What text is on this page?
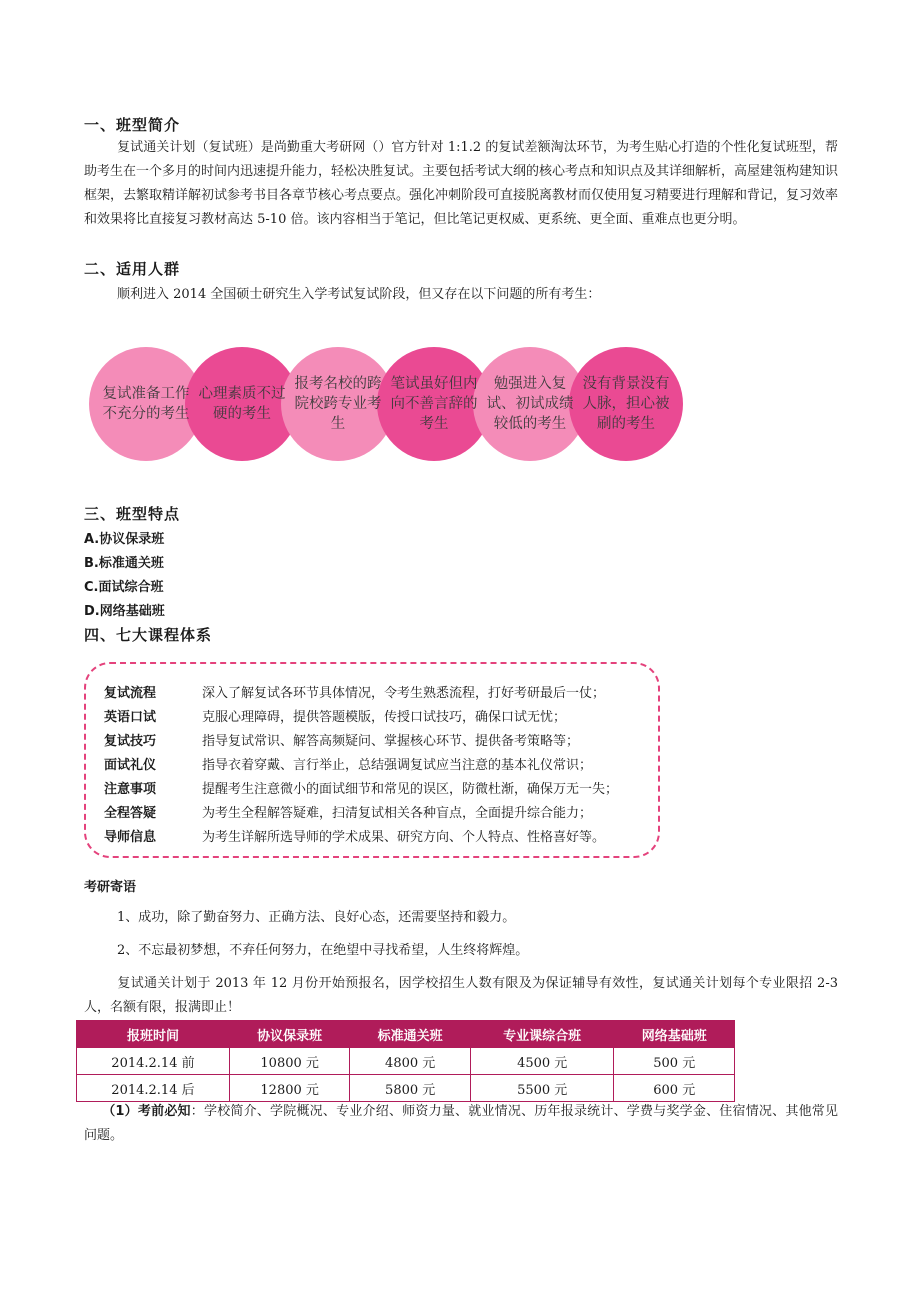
一、班型简介
复试通关计划（复试班）是尚勤重大考研网（）官方针对 1:1.2 的复试差额淘汰环节，为考生贴心打造的个性化复试班型，帮助考生在一个多月的时间内迅速提升能力，轻松决胜复试。主要包括考试大纲的核心考点和知识点及其详细解析，高屋建瓴构建知识框架，去繁取精详解初试参考书目各章节核心考点要点。强化冲刺阶段可直接脱离教材而仅使用复习精要进行理解和背记，复习效率和效果将比直接复习教材高达 5-10 倍。该内容相当于笔记，但比笔记更权威、更系统、更全面、重难点也更分明。
二、适用人群
顺利进入 2014 全国硕士研究生入学考试复试阶段，但又存在以下问题的所有考生：
复试准备工作不充分的考生
心理素质不过硬的考生
报考名校的跨院校跨专业考生
笔试虽好但内向不善言辞的考生
勉强进入复试、初试成绩较低的考生
没有背景没有人脉，担心被刷的考生
三、班型特点
A.协议保录班
B.标准通关班
C.面试综合班
D.网络基础班
四、七大课程体系
复试流程	深入了解复试各环节具体情况，令考生熟悉流程，打好考研最后一仗；
英语口试	克服心理障碍，提供答题模版，传授口试技巧，确保口试无忧；
复试技巧	指导复试常识、解答高频疑问、掌握核心环节、提供备考策略等；
面试礼仪	指导衣着穿戴、言行举止，总结强调复试应当注意的基本礼仪常识；
注意事项	提醒考生注意微小的面试细节和常见的误区，防微杜渐，确保万无一失；
全程答疑	为考生全程解答疑难，扫清复试相关各种盲点，全面提升综合能力；
导师信息	为考生详解所选导师的学术成果、研究方向、个人特点、性格喜好等。
考研寄语
1、成功，除了勤奋努力、正确方法、良好心态，还需要坚持和毅力。
2、不忘最初梦想，不弃任何努力，在绝望中寻找希望，人生终将辉煌。
复试通关计划于 2013 年 12 月份开始预报名，因学校招生人数有限及为保证辅导有效性，复试通关计划每个专业限招 2-3 人，名额有限，报满即止！
报班时间	协议保录班	标准通关班	专业课综合班	网络基础班
2014.2.14 前	10800 元	4800 元	4500 元	500 元
2014.2.14 后	12800 元	5800 元	5500 元	600 元
（1）考前必知：学校简介、学院概况、专业介绍、师资力量、就业情况、历年报录统计、学费与奖学金、住宿情况、其他常见问题。
